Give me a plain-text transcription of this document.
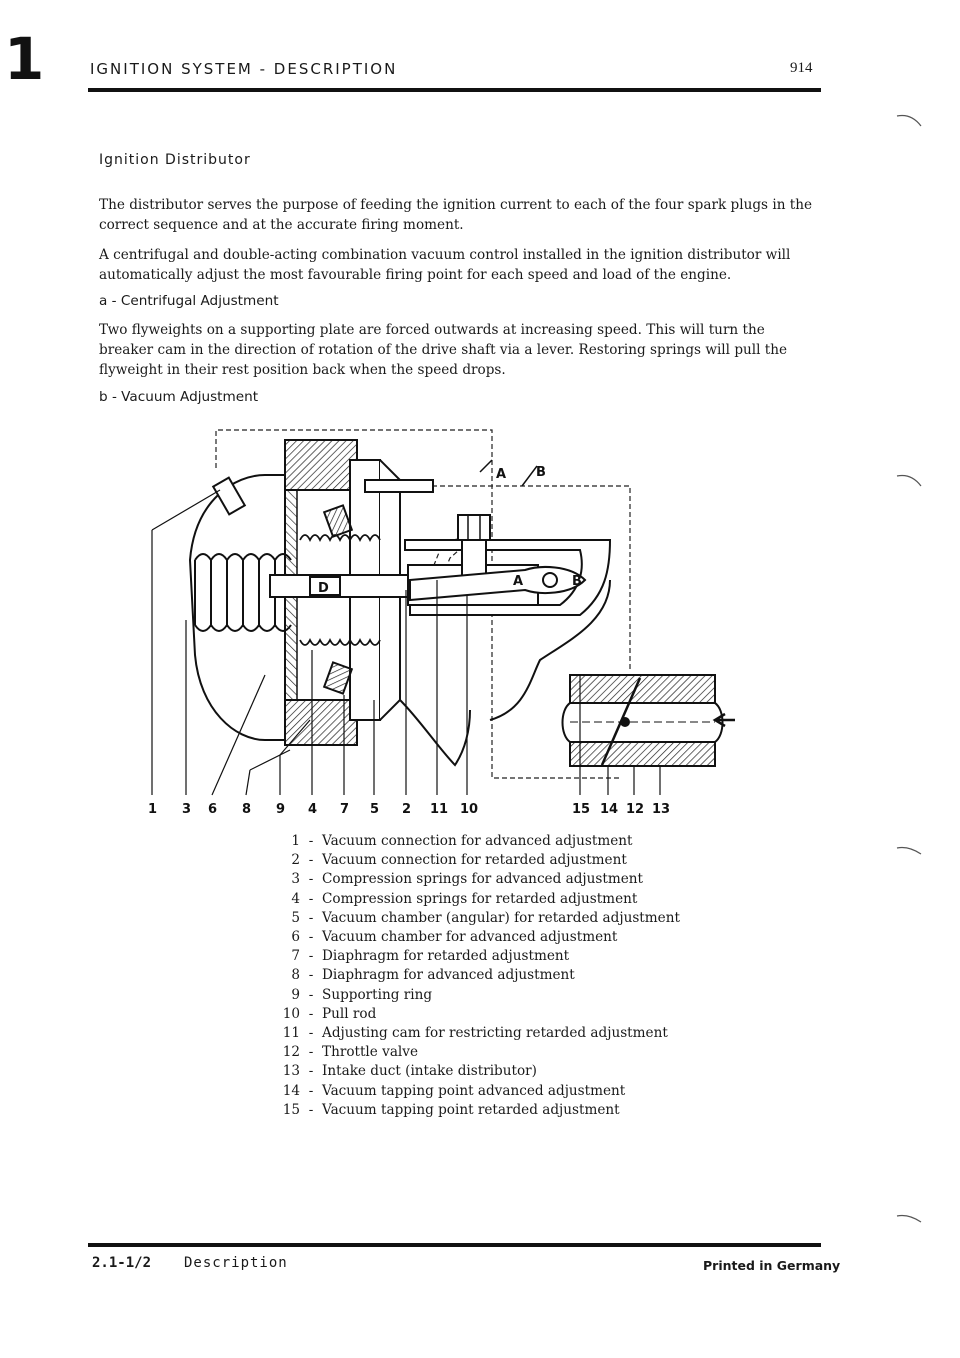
1	IGNITION SYSTEM - DESCRIPTION	914
Ignition Distributor

The distributor serves the purpose of feeding the ignition current to each of the four spark plugs in the correct sequence and at the accurate firing moment.

A centrifugal and double-acting combination vacuum control installed in the ignition distributor will automatically adjust the most favourable firing point for each speed and load of the engine.

a - Centrifugal Adjustment

Two flyweights on a supporting plate are forced outwards at increasing speed. This will turn the breaker cam in the direction of rotation of the drive shaft via a lever. Restoring springs will pull the flyweight in their rest position back when the speed drops.

b - Vacuum Adjustment
D	A	B
A B
1 3 6 8 9 4 7 5 2 11 10	15 14 12 13
1 - Vacuum connection for advanced adjustment
2 - Vacuum connection for retarded adjustment
3 - Compression springs for advanced adjustment
4 - Compression springs for retarded adjustment
5 - Vacuum chamber (angular) for retarded adjustment
6 - Vacuum chamber for advanced adjustment
7 - Diaphragm for retarded adjustment
8 - Diaphragm for advanced adjustment
9 - Supporting ring
10 - Pull rod
11 - Adjusting cam for restricting retarded adjustment
12 - Throttle valve
13 - Intake duct (intake distributor)
14 - Vacuum tapping point advanced adjustment
15 - Vacuum tapping point retarded adjustment
2.1-1/2 Description	Printed in Germany
